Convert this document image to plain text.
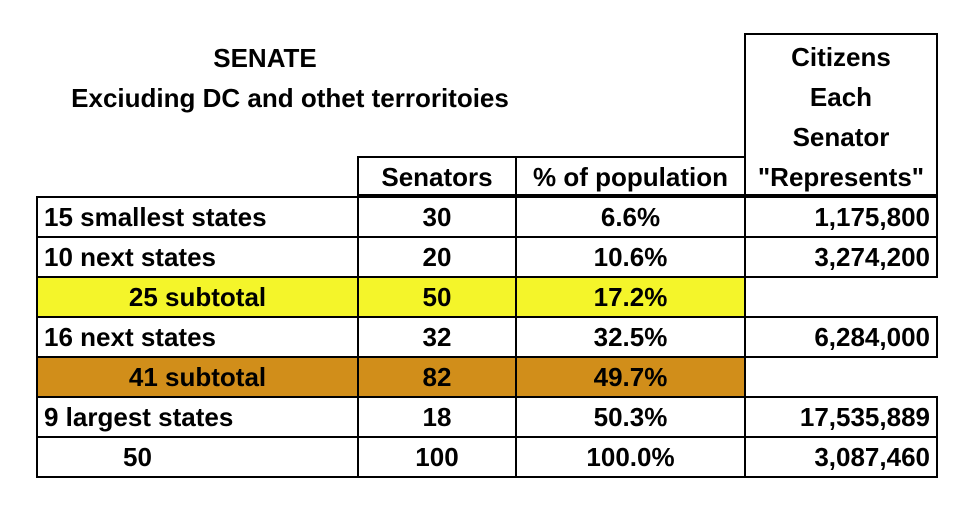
SENATE
Exciuding DC and othet terroritoies
Citizens
Each
Senator
"Represents"
Senators	% of population
15 smallest states	30	6.6%	1,175,800
10 next states	20	10.6%	3,274,200
25 subtotal	50	17.2%
16 next states	32	32.5%	6,284,000
41 subtotal	82	49.7%
9 largest states	18	50.3%	17,535,889
50	100	100.0%	3,087,460
